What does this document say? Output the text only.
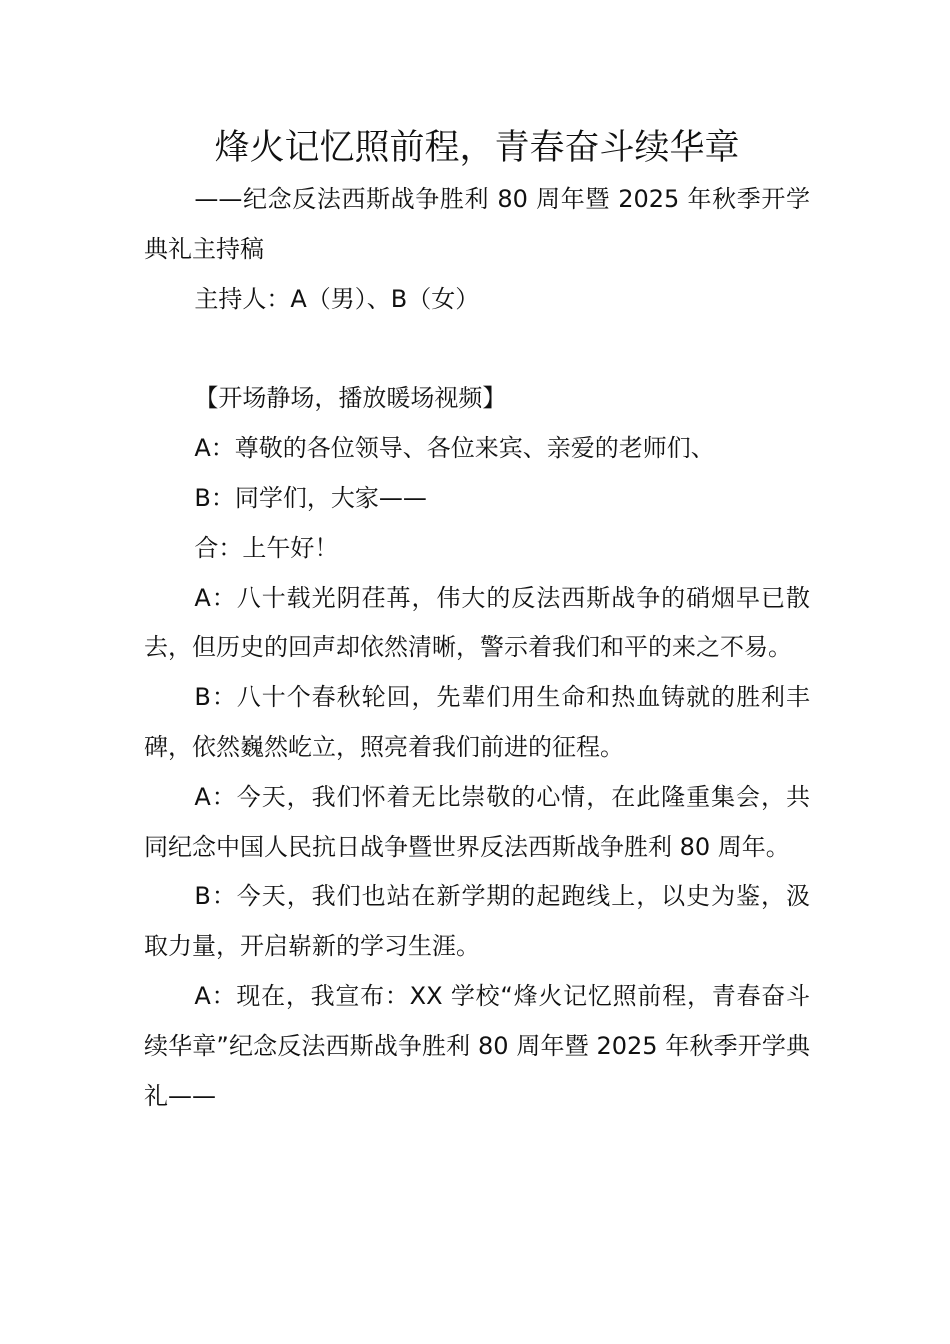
烽火记忆照前程，青春奋斗续华章

——纪念反法西斯战争胜利 80 周年暨 2025 年秋季开学典礼主持稿

主持人：A（男）、B（女）

【开场静场，播放暖场视频】

A：尊敬的各位领导、各位来宾、亲爱的老师们、

B：同学们，大家——

合：上午好！

A：八十载光阴荏苒，伟大的反法西斯战争的硝烟早已散去，但历史的回声却依然清晰，警示着我们和平的来之不易。

B：八十个春秋轮回，先辈们用生命和热血铸就的胜利丰碑，依然巍然屹立，照亮着我们前进的征程。

A：今天，我们怀着无比崇敬的心情，在此隆重集会，共同纪念中国人民抗日战争暨世界反法西斯战争胜利 80 周年。

B：今天，我们也站在新学期的起跑线上，以史为鉴，汲取力量，开启崭新的学习生涯。

A：现在，我宣布：XX 学校“烽火记忆照前程，青春奋斗续华章”纪念反法西斯战争胜利 80 周年暨 2025 年秋季开学典礼——
